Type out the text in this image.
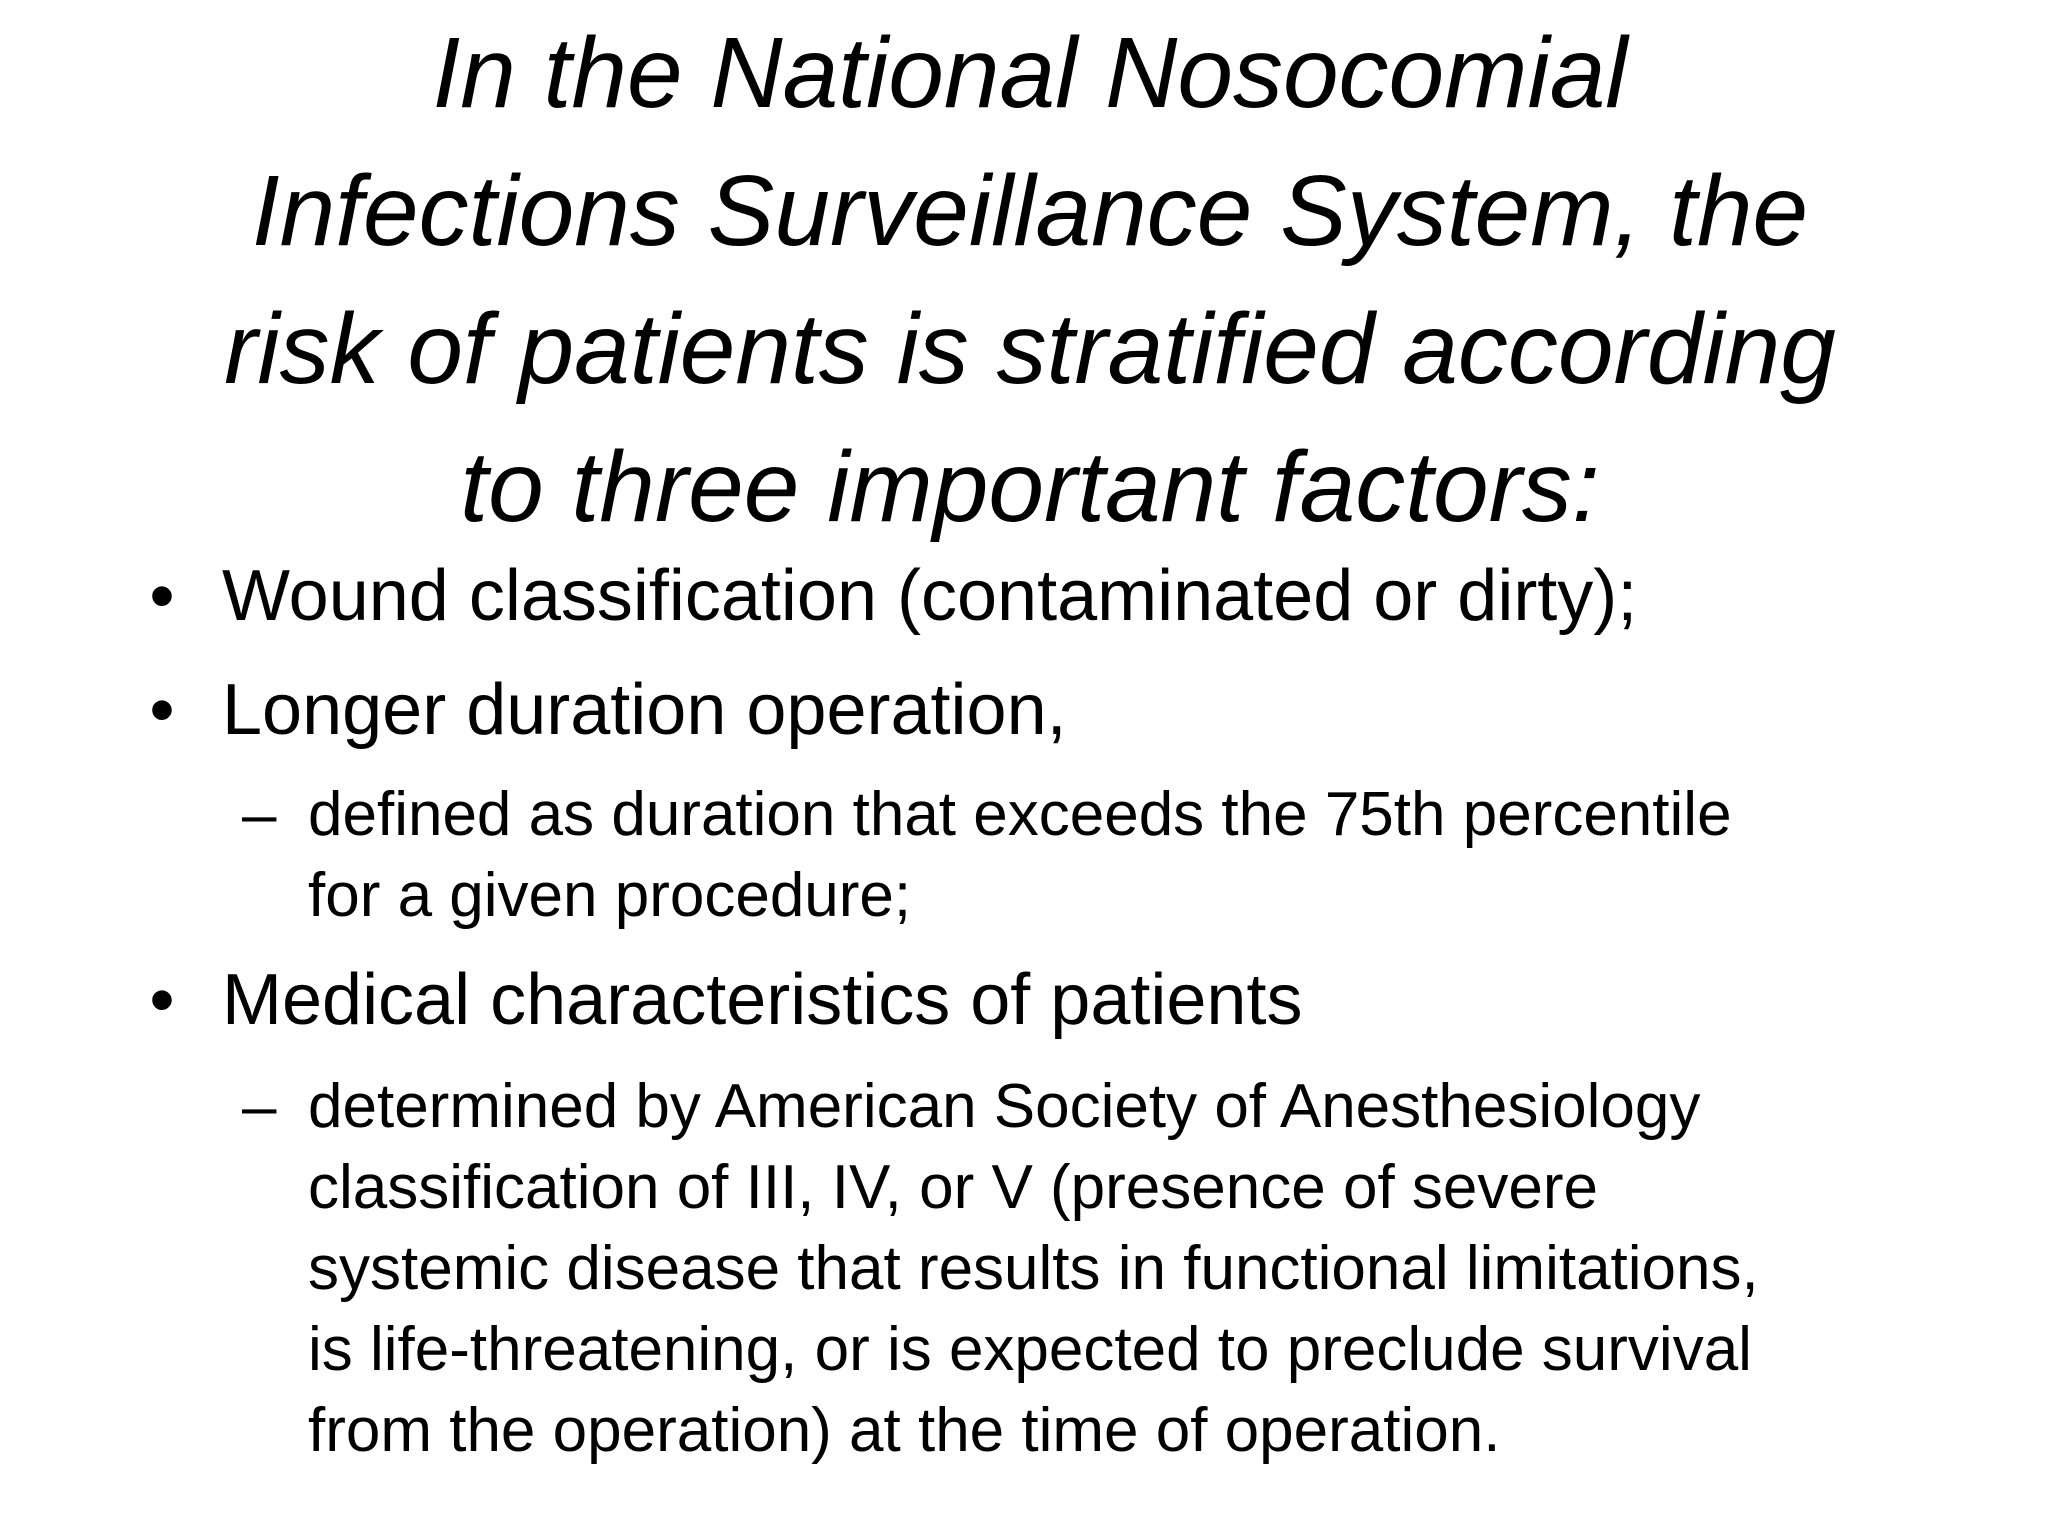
In the National Nosocomial
Infections Surveillance System, the
risk of patients is stratified according
to three important factors:
• Wound classification (contaminated or dirty);
• Longer duration operation,
– defined as duration that exceeds the 75th percentile
for a given procedure;
• Medical characteristics of patients
– determined by American Society of Anesthesiology
classification of III, IV, or V (presence of severe
systemic disease that results in functional limitations,
is life-threatening, or is expected to preclude survival
from the operation) at the time of operation.
